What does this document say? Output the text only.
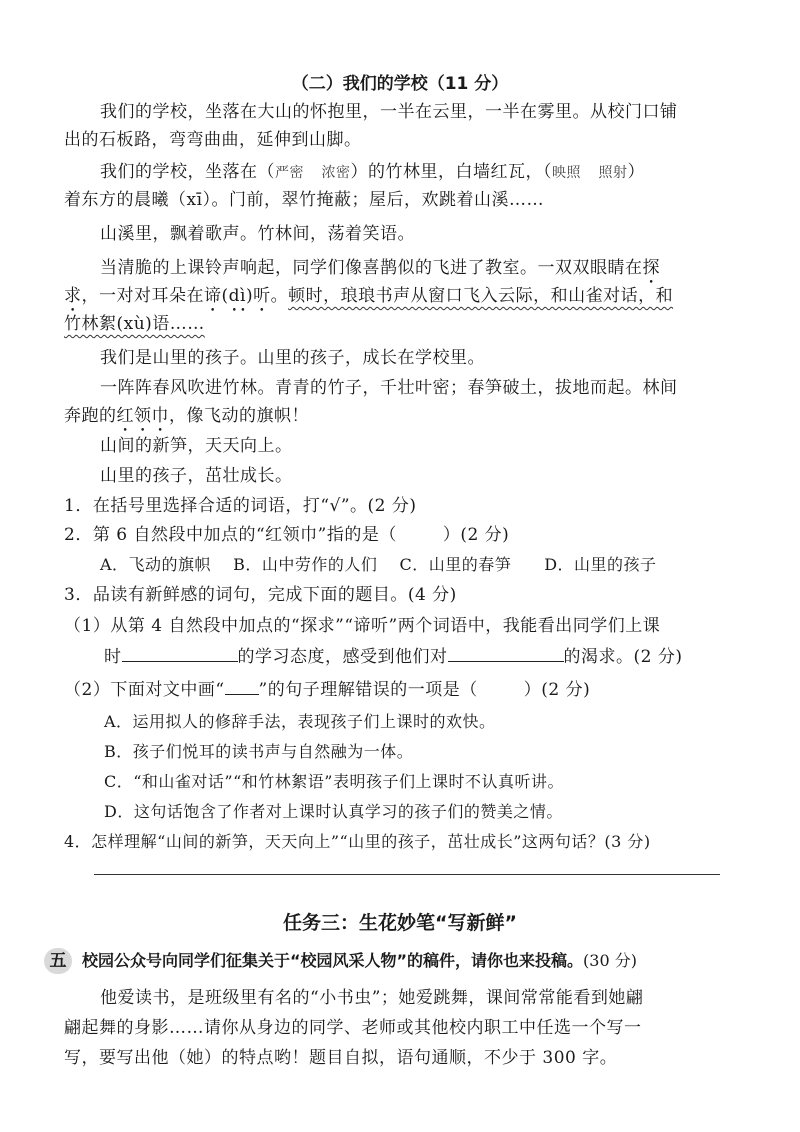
（二）我们的学校（11 分）
我们的学校，坐落在大山的怀抱里，一半在云里，一半在雾里。从校门口铺
出的石板路，弯弯曲曲，延伸到山脚。
我们的学校，坐落在（严密　 浓密）的竹林里，白墙红瓦，（映照　 照射）
着东方的晨曦（xī）。门前，翠竹掩蔽；屋后，欢跳着山溪……
山溪里，飘着歌声。竹林间，荡着笑语。
当清脆的上课铃声响起，同学们像喜鹊似的飞进了教室。一双双眼睛在探
求，一对对耳朵在谛(dì)听。顿时，琅琅书声从窗口飞入云际，和山雀对话，和
竹林絮(xù)语……
我们是山里的孩子。山里的孩子，成长在学校里。
一阵阵春风吹进竹林。青青的竹子，千壮叶密；春笋破土，拔地而起。林间
奔跑的红领巾，像飞动的旗帜！
山间的新笋，天天向上。
山里的孩子，茁壮成长。
1．在括号里选择合适的词语，打“√”。(2 分)
2．第 6 自然段中加点的“红领巾”指的是（	）(2 分)
A．飞动的旗帜　 B．山中劳作的人们　 C．山里的春笋　　D．山里的孩子
3．品读有新鲜感的词句，完成下面的题目。(4 分)
（1）从第 4 自然段中加点的“探求”“谛听”两个词语中，我能看出同学们上课
时	的学习态度，感受到他们对	的渴求。(2 分)
（2）下面对文中画“ ”的句子理解错误的一项是（	）(2 分)
A．运用拟人的修辞手法，表现孩子们上课时的欢快。
B．孩子们悦耳的读书声与自然融为一体。
C．“和山雀对话”“和竹林絮语”表明孩子们上课时不认真听讲。
D．这句话饱含了作者对上课时认真学习的孩子们的赞美之情。
4．怎样理解“山间的新笋，天天向上”“山里的孩子，茁壮成长”这两句话？(3 分)
任务三：生花妙笔“写新鲜”
五 校园公众号向同学们征集关于“校园风采人物”的稿件，请你也来投稿。(30 分)
他爱读书，是班级里有名的“小书虫”；她爱跳舞，课间常常能看到她翩
翩起舞的身影……请你从身边的同学、老师或其他校内职工中任选一个写一
写，要写出他（她）的特点哟！题目自拟，语句通顺，不少于 300 字。
